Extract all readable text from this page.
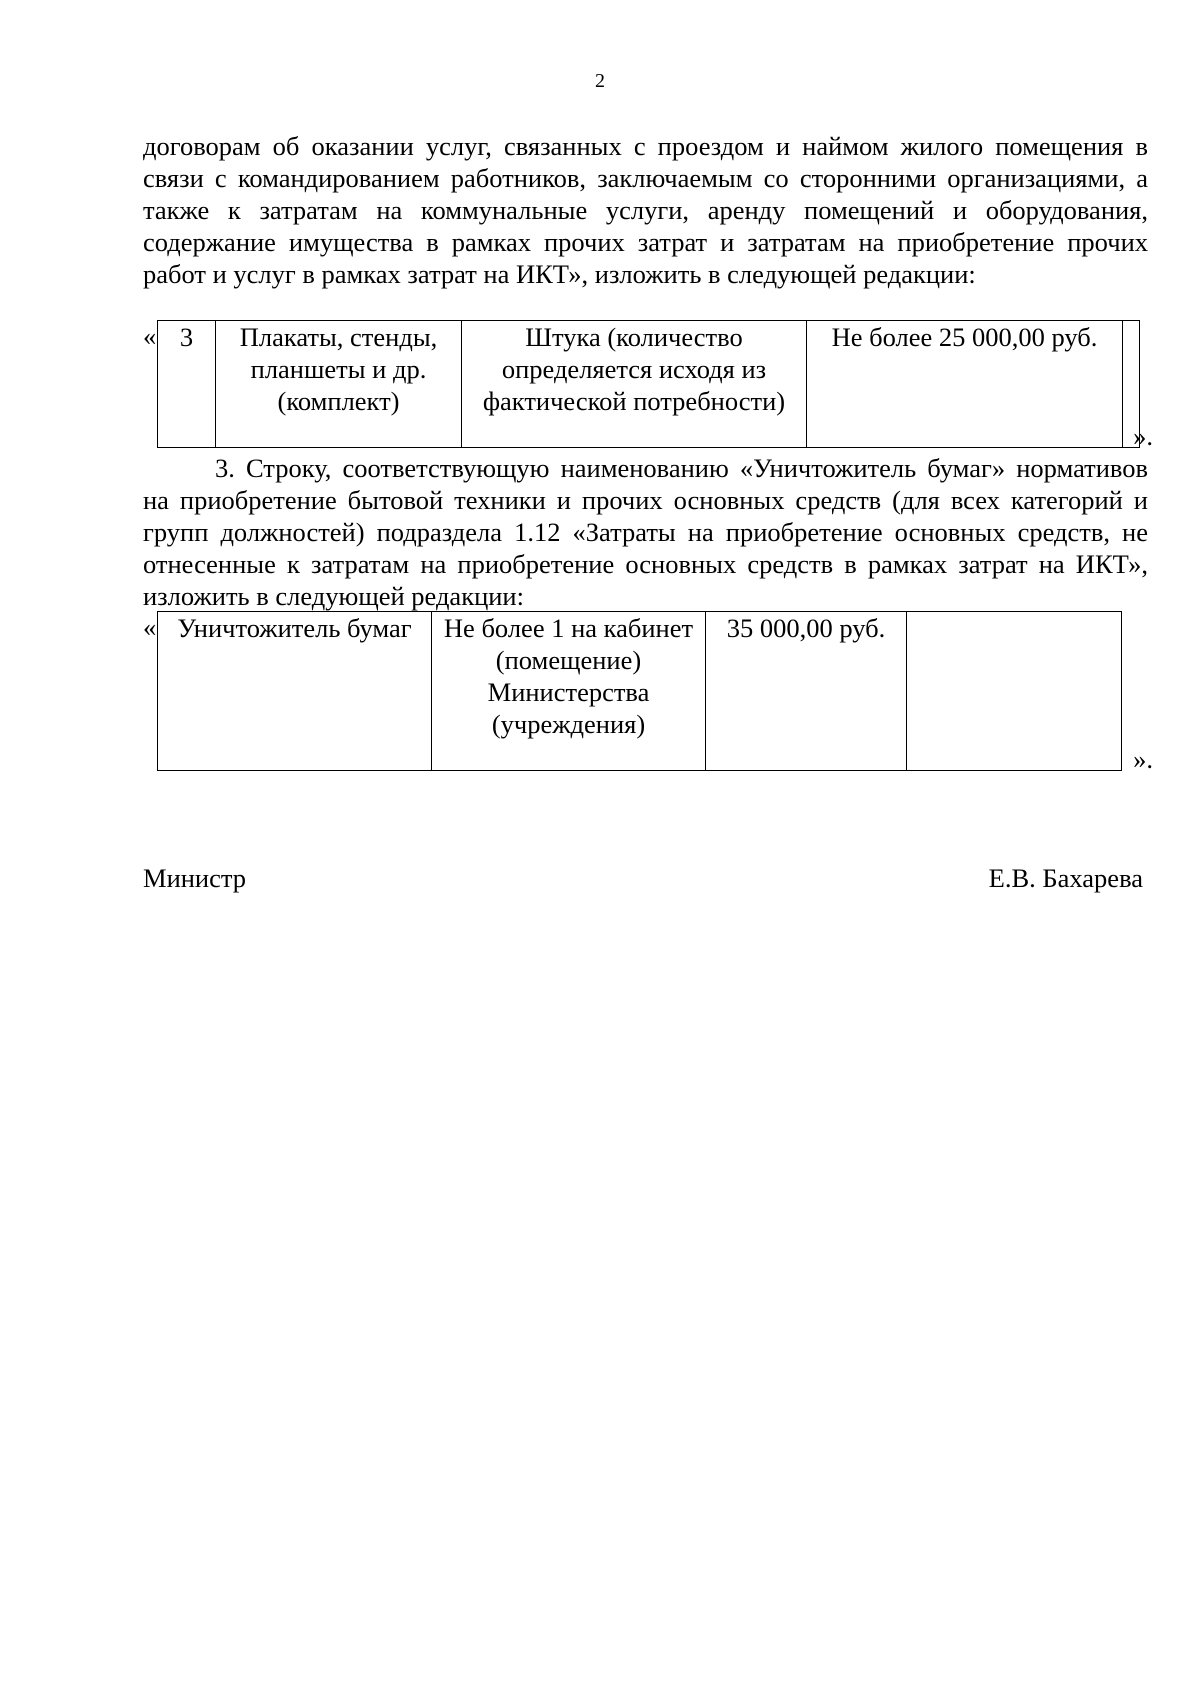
2
договорам об оказании услуг, связанных с проездом и наймом жилого помещения в связи с командированием работников, заключаемым со сторонними организациями, а также к затратам на коммунальные услуги, аренду помещений и оборудования, содержание имущества в рамках прочих затрат и затратам на приобретение прочих работ и услуг в рамках затрат на ИКТ», изложить в следующей редакции:
« 3	Плакаты, стенды, планшеты и др. (комплект)	Штука (количество определяется исходя из фактической потребности)	Не более 25 000,00 руб.	
».
3. Строку, соответствующую наименованию «Уничтожитель бумаг» нормативов на приобретение бытовой техники и прочих основных средств (для всех категорий и групп должностей) подраздела 1.12 «Затраты на приобретение основных средств, не отнесенные к затратам на приобретение основных средств в рамках затрат на ИКТ», изложить в следующей редакции:
« Уничтожитель бумаг	Не более 1 на кабинет (помещение) Министерства (учреждения)	35 000,00 руб.	
».
Министр	Е.В. Бахарева
